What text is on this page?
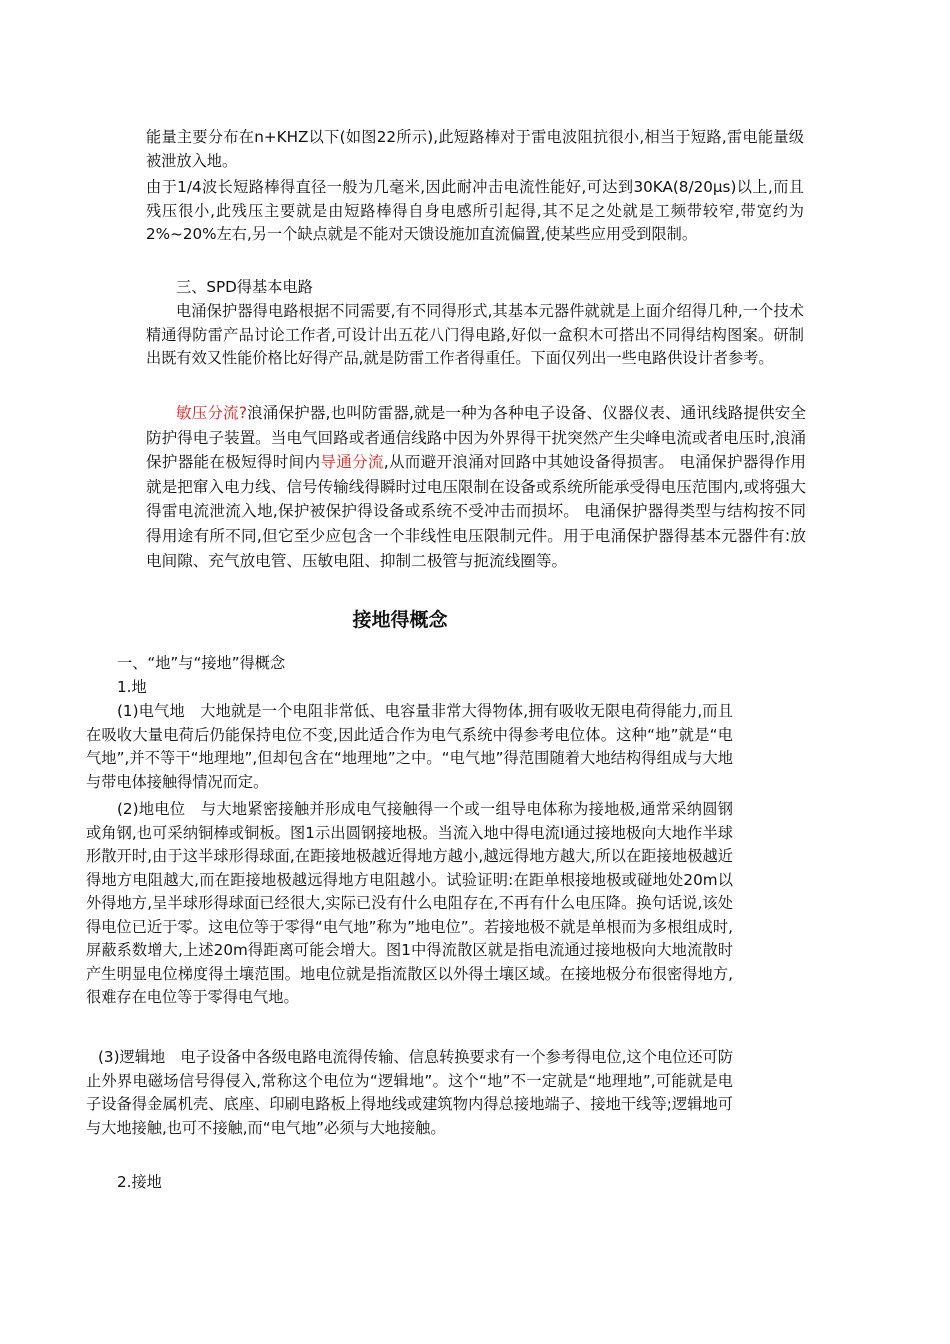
能量主要分布在n+KHZ以下(如图22所示),此短路棒对于雷电波阻抗很小,相当于短路,雷电能量级被泄放入地。

由于1/4波长短路棒得直径一般为几毫米,因此耐冲击电流性能好,可达到30KA(8/20μs)以上,而且残压很小,此残压主要就是由短路棒得自身电感所引起得,其不足之处就是工频带较窄,带宽约为2%~20%左右,另一个缺点就是不能对天馈设施加直流偏置,使某些应用受到限制。

三、SPD得基本电路

电涌保护器得电路根据不同需要,有不同得形式,其基本元器件就就是上面介绍得几种,一个技术精通得防雷产品讨论工作者,可设计出五花八门得电路,好似一盒积木可搭出不同得结构图案。研制出既有效又性能价格比好得产品,就是防雷工作者得重任。下面仅列出一些电路供设计者参考。

敏压分流?浪涌保护器,也叫防雷器,就是一种为各种电子设备、仪器仪表、通讯线路提供安全防护得电子装置。当电气回路或者通信线路中因为外界得干扰突然产生尖峰电流或者电压时,浪涌保护器能在极短得时间内导通分流,从而避开浪涌对回路中其她设备得损害。 电涌保护器得作用就是把窜入电力线、信号传输线得瞬时过电压限制在设备或系统所能承受得电压范围内,或将强大得雷电流泄流入地,保护被保护得设备或系统不受冲击而损坏。 电涌保护器得类型与结构按不同得用途有所不同,但它至少应包含一个非线性电压限制元件。用于电涌保护器得基本元器件有:放电间隙、充气放电管、压敏电阻、抑制二极管与扼流线圈等。

接地得概念

一、“地”与“接地”得概念

1.地

(1)电气地　大地就是一个电阻非常低、电容量非常大得物体,拥有吸收无限电荷得能力,而且在吸收大量电荷后仍能保持电位不变,因此适合作为电气系统中得参考电位体。这种“地”就是“电气地”,并不等干“地理地”,但却包含在“地理地”之中。“电气地”得范围随着大地结构得组成与大地与带电体接触得情况而定。

(2)地电位　与大地紧密接触并形成电气接触得一个或一组导电体称为接地极,通常采纳圆钢或角钢,也可采纳铜棒或铜板。图1示出圆钢接地极。当流入地中得电流I通过接地极向大地作半球形散开时,由于这半球形得球面,在距接地极越近得地方越小,越远得地方越大,所以在距接地极越近得地方电阻越大,而在距接地极越远得地方电阻越小。试验证明:在距单根接地极或碰地处20m以外得地方,呈半球形得球面已经很大,实际已没有什么电阻存在,不再有什么电压降。换句话说,该处得电位已近于零。这电位等于零得“电气地”称为”地电位”。若接地极不就是单根而为多根组成时,屏蔽系数增大,上述20m得距离可能会增大。图1中得流散区就是指电流通过接地极向大地流散时产生明显电位梯度得土壤范围。地电位就是指流散区以外得土壤区域。在接地极分布很密得地方,很难存在电位等于零得电气地。

(3)逻辑地　电子设备中各级电路电流得传输、信息转换要求有一个参考得电位,这个电位还可防止外界电磁场信号得侵入,常称这个电位为“逻辑地”。这个“地”不一定就是“地理地”,可能就是电子设备得金属机壳、底座、印刷电路板上得地线或建筑物内得总接地端子、接地干线等;逻辑地可与大地接触,也可不接触,而“电气地”必须与大地接触。

2.接地
